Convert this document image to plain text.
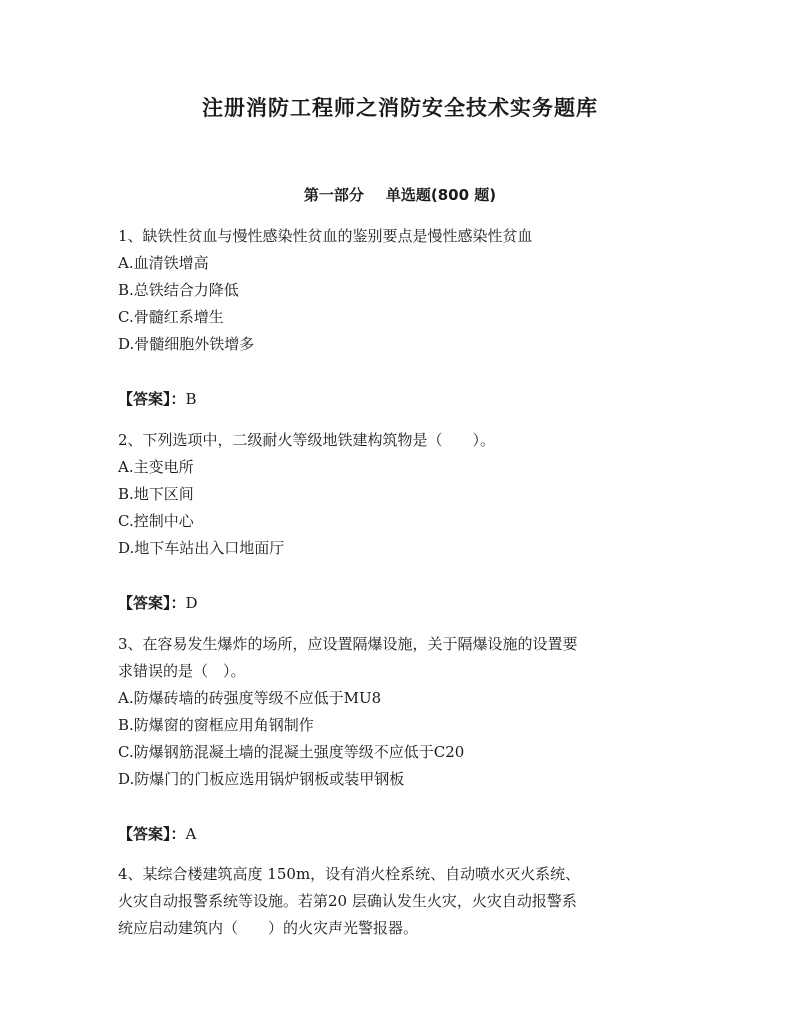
注册消防工程师之消防安全技术实务题库
第一部分 单选题(800 题)
1、缺铁性贫血与慢性感染性贫血的鉴别要点是慢性感染性贫血
A.血清铁增高
B.总铁结合力降低
C.骨髓红系增生
D.骨髓细胞外铁增多
【答案】：B
2、下列选项中，二级耐火等级地铁建构筑物是（　　）。
A.主变电所
B.地下区间
C.控制中心
D.地下车站出入口地面厅
【答案】：D
3、在容易发生爆炸的场所，应设置隔爆设施，关于隔爆设施的设置要
求错误的是（　）。
A.防爆砖墙的砖强度等级不应低于MU8
B.防爆窗的窗框应用角钢制作
C.防爆钢筋混凝土墙的混凝土强度等级不应低于C20
D.防爆门的门板应选用锅炉钢板或装甲钢板
【答案】：A
4、某综合楼建筑高度 150m，设有消火栓系统、自动喷水灭火系统、
火灾自动报警系统等设施。若第20 层确认发生火灾，火灾自动报警系
统应启动建筑内（　　）的火灾声光警报器。
